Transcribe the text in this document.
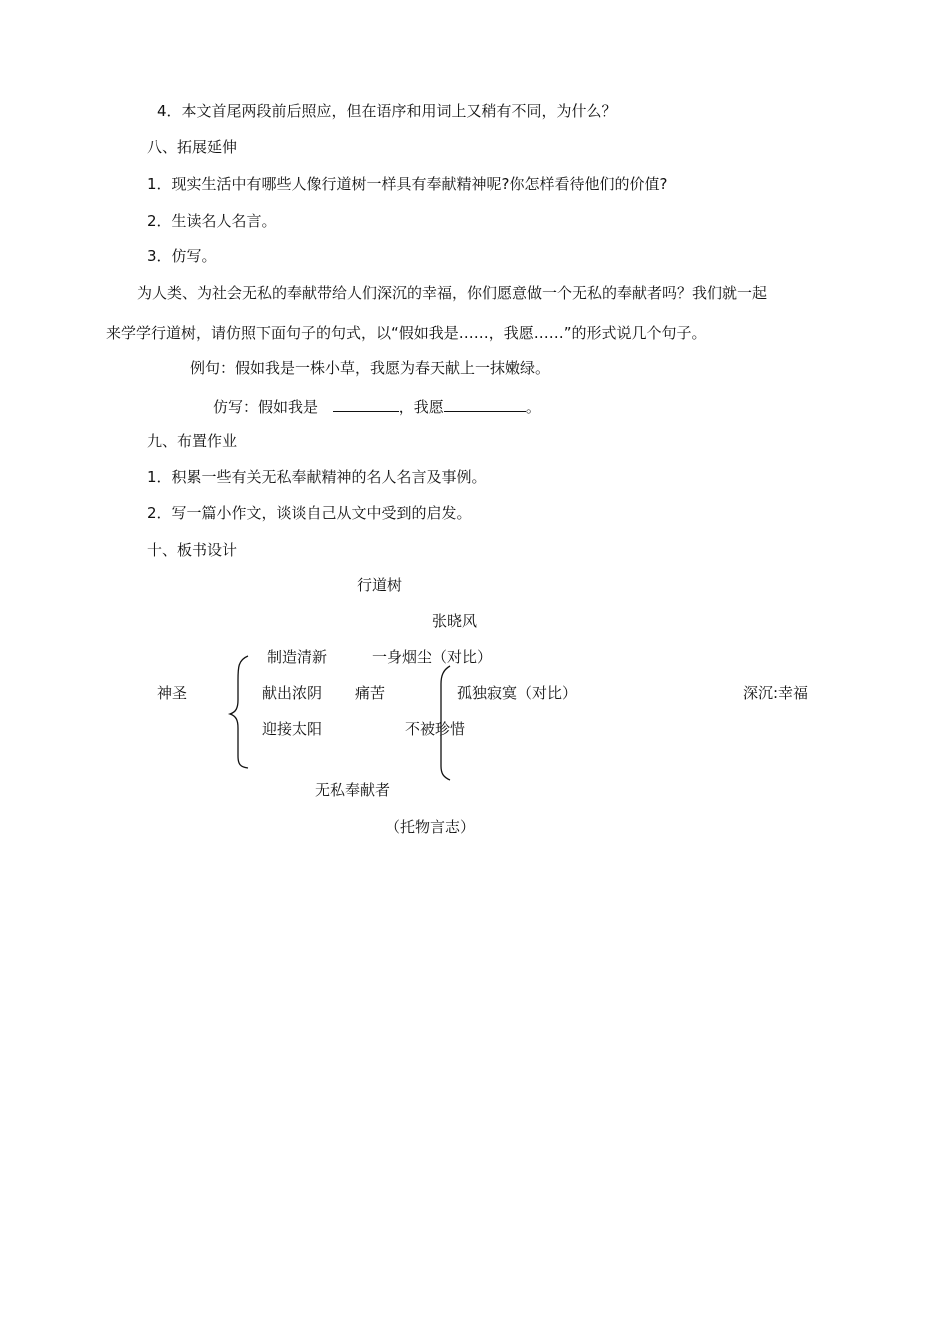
4．本文首尾两段前后照应，但在语序和用词上又稍有不同，为什么？
八、拓展延伸
1．现实生活中有哪些人像行道树一样具有奉献精神呢?你怎样看待他们的价值?
2．生读名人名言。
3．仿写。
为人类、为社会无私的奉献带给人们深沉的幸福，你们愿意做一个无私的奉献者吗？我们就一起
来学学行道树，请仿照下面句子的句式，以“假如我是……，我愿……”的形式说几个句子。
例句：假如我是一株小草，我愿为春天献上一抹嫩绿。
仿写：假如我是	，我愿	。
九、布置作业
1．积累一些有关无私奉献精神的名人名言及事例。
2．写一篇小作文，谈谈自己从文中受到的启发。
十、板书设计
行道树
张晓风
神圣
制造清新
献出浓阴
迎接太阳
一身烟尘（对比）
痛苦
不被珍惜
孤独寂寞（对比）	深沉:幸福
无私奉献者
（托物言志）
